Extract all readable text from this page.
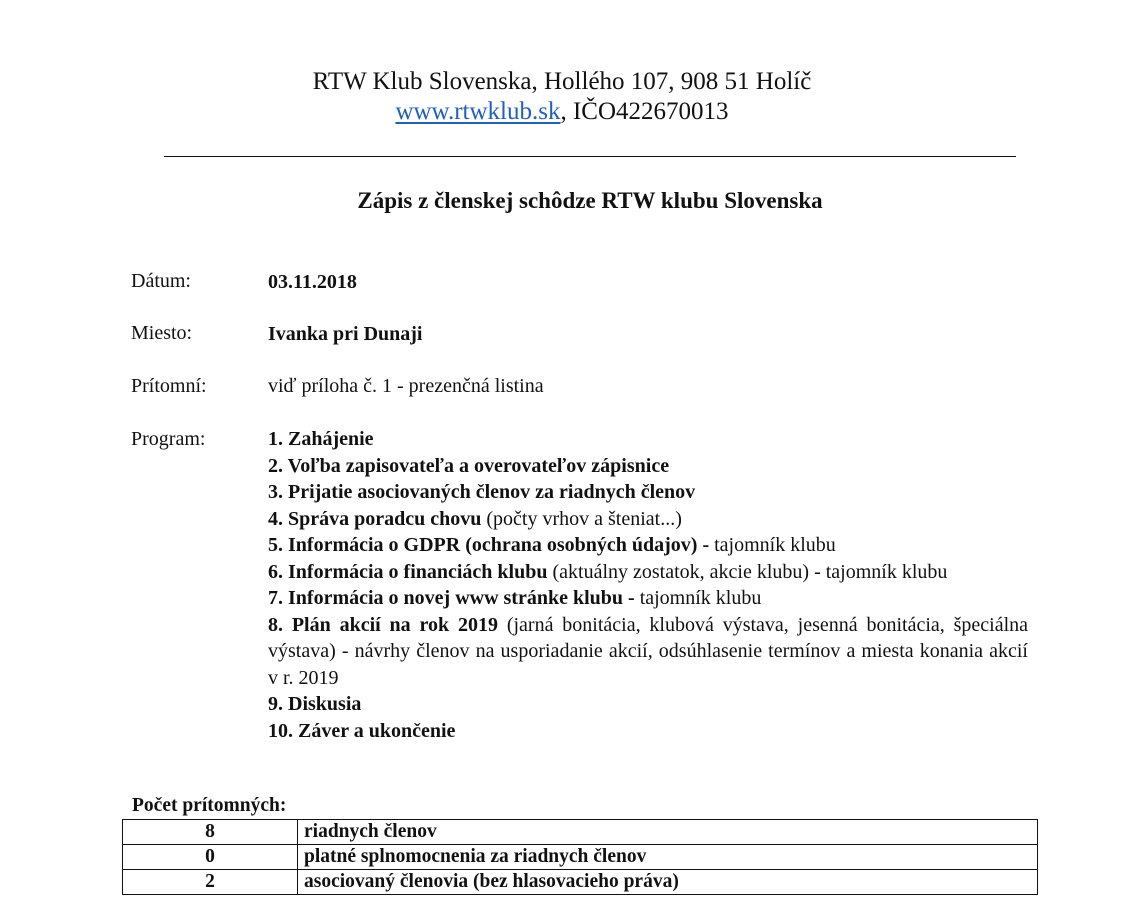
RTW Klub Slovenska, Hollého 107, 908 51 Holíč
www.rtwklub.sk, IČO422670013
Zápis z členskej schôdze RTW klubu Slovenska
Dátum:	03.11.2018
Miesto:	Ivanka pri Dunaji
Prítomní:	viď príloha č. 1 - prezenčná listina
Program:	1. Zahájenie
2. Voľba zapisovateľa a overovateľov zápisnice
3. Prijatie asociovaných členov za riadnych členov
4. Správa poradcu chovu (počty vrhov a šteniat...)
5. Informácia o GDPR (ochrana osobných údajov) - tajomník klubu
6. Informácia o financiách klubu (aktuálny zostatok, akcie klubu) - tajomník klubu
7. Informácia o novej www stránke klubu - tajomník klubu
8. Plán akcií na rok 2019 (jarná bonitácia, klubová výstava, jesenná bonitácia, špeciálna výstava) - návrhy členov na usporiadanie akcií, odsúhlasenie termínov a miesta konania akcií v r. 2019
9. Diskusia
10. Záver a ukončenie
Počet prítomných:
8	riadnych členov
0	platné splnomocnenia za riadnych členov
2	asociovaný členovia (bez hlasovacieho práva)
